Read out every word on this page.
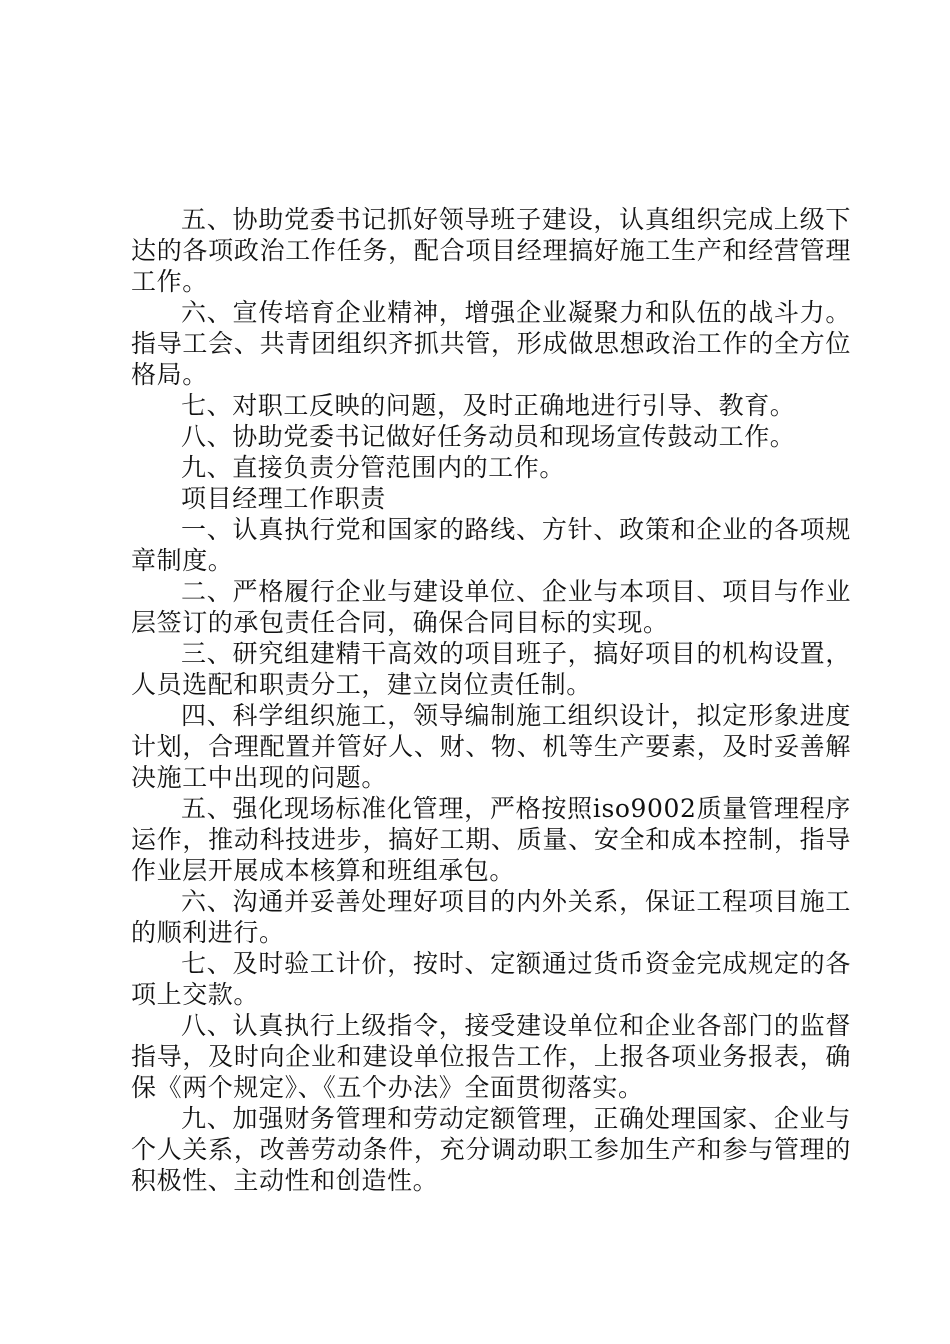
五、协助党委书记抓好领导班子建设，认真组织完成上级下达的各项政治工作任务，配合项目经理搞好施工生产和经营管理工作。

六、宣传培育企业精神，增强企业凝聚力和队伍的战斗力。指导工会、共青团组织齐抓共管，形成做思想政治工作的全方位格局。

七、对职工反映的问题，及时正确地进行引导、教育。

八、协助党委书记做好任务动员和现场宣传鼓动工作。

九、直接负责分管范围内的工作。

项目经理工作职责

一、认真执行党和国家的路线、方针、政策和企业的各项规章制度。

二、严格履行企业与建设单位、企业与本项目、项目与作业层签订的承包责任合同，确保合同目标的实现。

三、研究组建精干高效的项目班子，搞好项目的机构设置，人员选配和职责分工，建立岗位责任制。

四、科学组织施工，领导编制施工组织设计，拟定形象进度计划，合理配置并管好人、财、物、机等生产要素，及时妥善解决施工中出现的问题。

五、强化现场标准化管理，严格按照iso9002质量管理程序运作，推动科技进步，搞好工期、质量、安全和成本控制，指导作业层开展成本核算和班组承包。

六、沟通并妥善处理好项目的内外关系，保证工程项目施工的顺利进行。

七、及时验工计价，按时、定额通过货币资金完成规定的各项上交款。

八、认真执行上级指令，接受建设单位和企业各部门的监督指导，及时向企业和建设单位报告工作，上报各项业务报表，确保《两个规定》、《五个办法》全面贯彻落实。

九、加强财务管理和劳动定额管理，正确处理国家、企业与个人关系，改善劳动条件，充分调动职工参加生产和参与管理的积极性、主动性和创造性。
